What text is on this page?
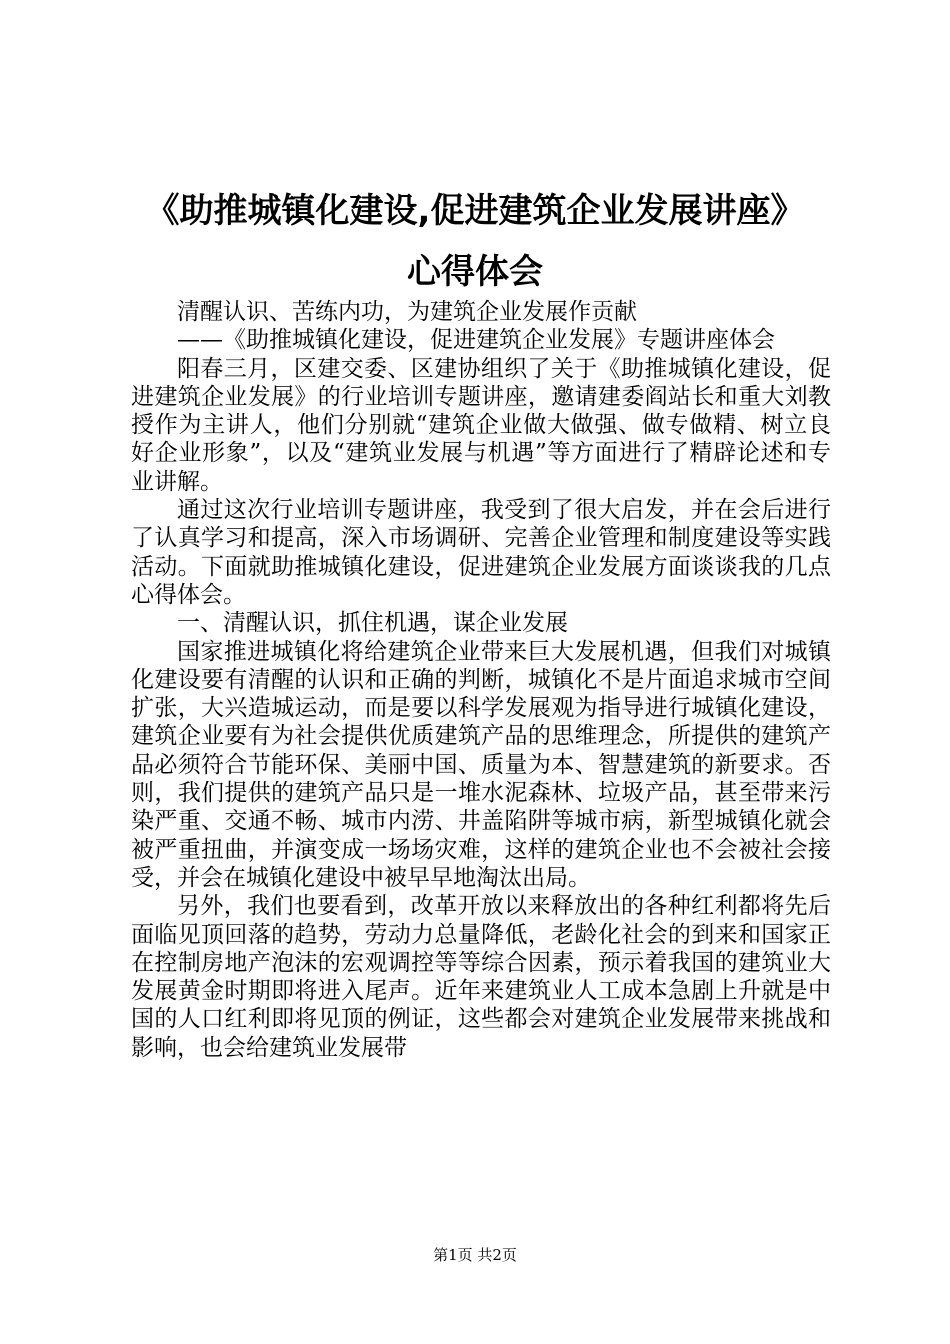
《助推城镇化建设,促进建筑企业发展讲座》
心得体会

清醒认识、苦练内功，为建筑企业发展作贡献

——《助推城镇化建设，促进建筑企业发展》专题讲座体会

阳春三月，区建交委、区建协组织了关于《助推城镇化建设，促进建筑企业发展》的行业培训专题讲座，邀请建委阎站长和重大刘教授作为主讲人，他们分别就“建筑企业做大做强、做专做精、树立良好企业形象”，以及“建筑业发展与机遇”等方面进行了精辟论述和专业讲解。

通过这次行业培训专题讲座，我受到了很大启发，并在会后进行了认真学习和提高，深入市场调研、完善企业管理和制度建设等实践活动。下面就助推城镇化建设，促进建筑企业发展方面谈谈我的几点心得体会。

一、清醒认识，抓住机遇，谋企业发展

国家推进城镇化将给建筑企业带来巨大发展机遇，但我们对城镇化建设要有清醒的认识和正确的判断，城镇化不是片面追求城市空间扩张，大兴造城运动，而是要以科学发展观为指导进行城镇化建设，建筑企业要有为社会提供优质建筑产品的思维理念，所提供的建筑产品必须符合节能环保、美丽中国、质量为本、智慧建筑的新要求。否则，我们提供的建筑产品只是一堆水泥森林、垃圾产品，甚至带来污染严重、交通不畅、城市内涝、井盖陷阱等城市病，新型城镇化就会被严重扭曲，并演变成一场场灾难，这样的建筑企业也不会被社会接受，并会在城镇化建设中被早早地淘汰出局。

另外，我们也要看到，改革开放以来释放出的各种红利都将先后面临见顶回落的趋势，劳动力总量降低，老龄化社会的到来和国家正在控制房地产泡沫的宏观调控等等综合因素，预示着我国的建筑业大发展黄金时期即将进入尾声。近年来建筑业人工成本急剧上升就是中国的人口红利即将见顶的例证，这些都会对建筑企业发展带来挑战和影响，也会给建筑业发展带

第1页 共2页
